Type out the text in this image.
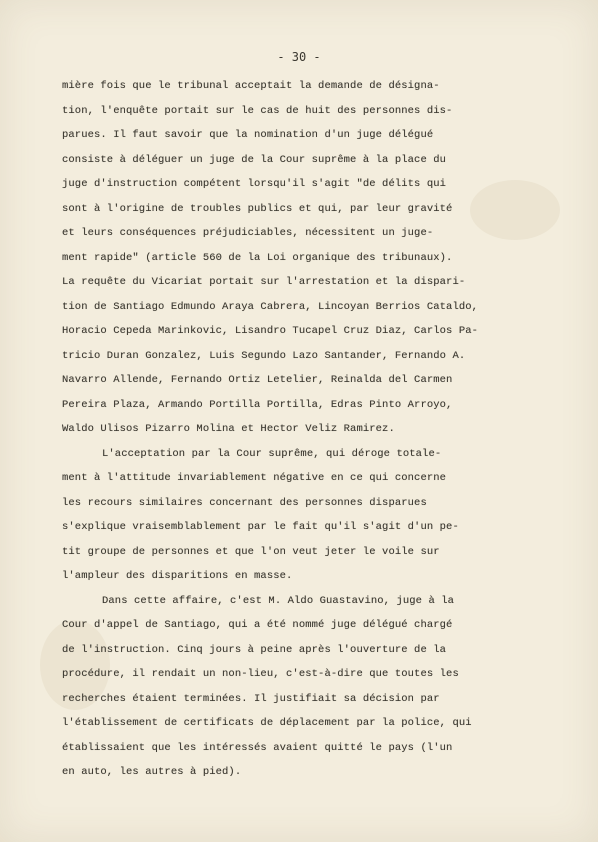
- 30 -
mière fois que le tribunal acceptait la demande de désigna-
tion, l'enquête portait sur le cas de huit des personnes dis-
parues. Il faut savoir que la nomination d'un juge délégué
consiste à déléguer un juge de la Cour suprême à la place du
juge d'instruction compétent lorsqu'il s'agit "de délits qui
sont à l'origine de troubles publics et qui, par leur gravité
et leurs conséquences préjudiciables, nécessitent un juge-
ment rapide" (article 560 de la Loi organique des tribunaux).
La requête du Vicariat portait sur l'arrestation et la dispari-
tion de Santiago Edmundo Araya Cabrera, Lincoyan Berrios Cataldo,
Horacio Cepeda Marinkovic, Lisandro Tucapel Cruz Diaz, Carlos Pa-
tricio Duran Gonzalez, Luis Segundo Lazo Santander, Fernando A.
Navarro Allende, Fernando Ortiz Letelier, Reinalda del Carmen
Pereira Plaza, Armando Portilla Portilla, Edras Pinto Arroyo,
Waldo Ulisos Pizarro Molina et Hector Veliz Ramirez.
L'acceptation par la Cour suprême, qui déroge totale-
ment à l'attitude invariablement négative en ce qui concerne
les recours similaires concernant des personnes disparues
s'explique vraisemblablement par le fait qu'il s'agit d'un pe-
tit groupe de personnes et que l'on veut jeter le voile sur
l'ampleur des disparitions en masse.
Dans cette affaire, c'est M. Aldo Guastavino, juge à la
Cour d'appel de Santiago, qui a été nommé juge délégué chargé
de l'instruction. Cinq jours à peine après l'ouverture de la
procédure, il rendait un non-lieu, c'est-à-dire que toutes les
recherches étaient terminées. Il justifiait sa décision par
l'établissement de certificats de déplacement par la police, qui
établissaient que les intéressés avaient quitté le pays (l'un
en auto, les autres à pied).
